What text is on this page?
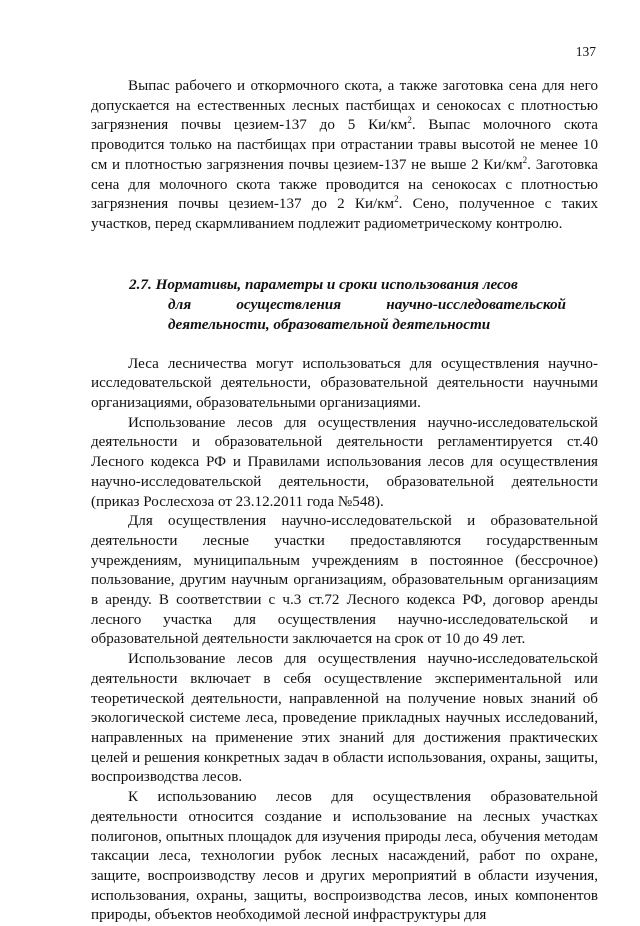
137

Выпас рабочего и откормочного скота, а также заготовка сена для него допускается на естественных лесных пастбищах и сенокосах с плотностью загрязнения почвы цезием-137 до 5 $Ки/км^2$. Выпас молочного скота проводится только на пастбищах при отрастании травы высотой не менее 10 см и плотностью загрязнения почвы цезием-137 не выше 2 $Ки/км^2$. Заготовка сена для молочного скота также проводится на сенокосах с плотностью загрязнения почвы цезием-137 до 2 $Ки/км^2$. Сено, полученное с таких участков, перед скармливанием подлежит радиометрическому контролю.

2.7. Нормативы, параметры и сроки использования лесов
для осуществления научно-исследовательской
деятельности, образовательной деятельности

Леса лесничества могут использоваться для осуществления научно-исследовательской деятельности, образовательной деятельности научными организациями, образовательными организациями.

Использование лесов для осуществления научно-исследовательской деятельности и образовательной деятельности регламентируется ст.40 Лесного кодекса РФ и Правилами использования лесов для осуществления научно-исследовательской деятельности, образовательной деятельности (приказ Рослесхоза от 23.12.2011 года №548).

Для осуществления научно-исследовательской и образовательной деятельности лесные участки предоставляются государственным учреждениям, муниципальным учреждениям в постоянное (бессрочное) пользование, другим научным организациям, образовательным организациям в аренду. В соответствии с ч.3 ст.72 Лесного кодекса РФ, договор аренды лесного участка для осуществления научно-исследовательской и образовательной деятельности заключается на срок от 10 до 49 лет.

Использование лесов для осуществления научно-исследовательской деятельности включает в себя осуществление экспериментальной или теоретической деятельности, направленной на получение новых знаний об экологической системе леса, проведение прикладных научных исследований, направленных на применение этих знаний для достижения практических целей и решения конкретных задач в области использования, охраны, защиты, воспроизводства лесов.

К использованию лесов для осуществления образовательной деятельности относится создание и использование на лесных участках полигонов, опытных площадок для изучения природы леса, обучения методам таксации леса, технологии рубок лесных насаждений, работ по охране, защите, воспроизводству лесов и других мероприятий в области изучения, использования, охраны, защиты, воспроизводства лесов, иных компонентов природы, объектов необходимой лесной инфраструктуры для
